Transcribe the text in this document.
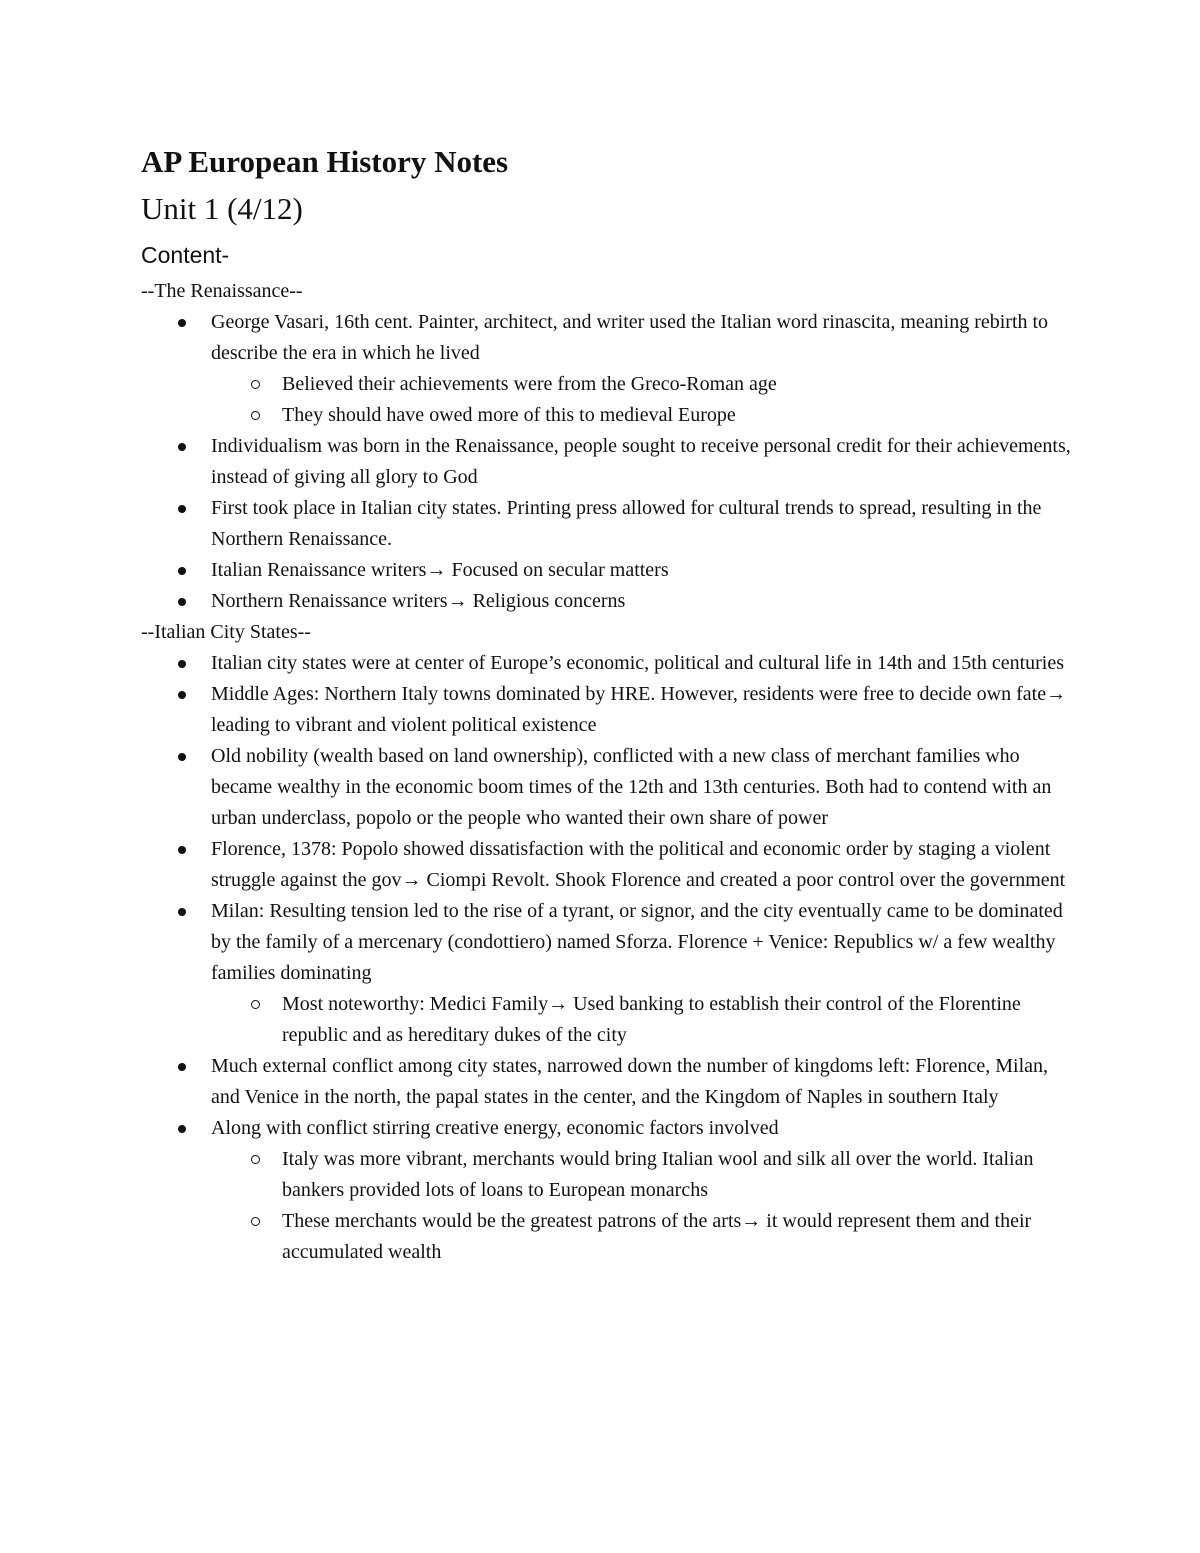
AP European History Notes
Unit 1 (4/12)
Content-
--The Renaissance--
George Vasari, 16th cent. Painter, architect, and writer used the Italian word rinascita, meaning rebirth to describe the era in which he lived
Believed their achievements were from the Greco-Roman age
They should have owed more of this to medieval Europe
Individualism was born in the Renaissance, people sought to receive personal credit for their achievements, instead of giving all glory to God
First took place in Italian city states. Printing press allowed for cultural trends to spread, resulting in the Northern Renaissance.
Italian Renaissance writers→ Focused on secular matters
Northern Renaissance writers→ Religious concerns
--Italian City States--
Italian city states were at center of Europe’s economic, political and cultural life in 14th and 15th centuries
Middle Ages: Northern Italy towns dominated by HRE. However, residents were free to decide own fate→ leading to vibrant and violent political existence
Old nobility (wealth based on land ownership), conflicted with a new class of merchant families who became wealthy in the economic boom times of the 12th and 13th centuries. Both had to contend with an urban underclass, popolo or the people who wanted their own share of power
Florence, 1378: Popolo showed dissatisfaction with the political and economic order by staging a violent struggle against the gov→ Ciompi Revolt. Shook Florence and created a poor control over the government
Milan: Resulting tension led to the rise of a tyrant, or signor, and the city eventually came to be dominated by the family of a mercenary (condottiero) named Sforza. Florence + Venice: Republics w/ a few wealthy families dominating
Most noteworthy: Medici Family→ Used banking to establish their control of the Florentine republic and as hereditary dukes of the city
Much external conflict among city states, narrowed down the number of kingdoms left: Florence, Milan, and Venice in the north, the papal states in the center, and the Kingdom of Naples in southern Italy
Along with conflict stirring creative energy, economic factors involved
Italy was more vibrant, merchants would bring Italian wool and silk all over the world. Italian bankers provided lots of loans to European monarchs
These merchants would be the greatest patrons of the arts→ it would represent them and their accumulated wealth
